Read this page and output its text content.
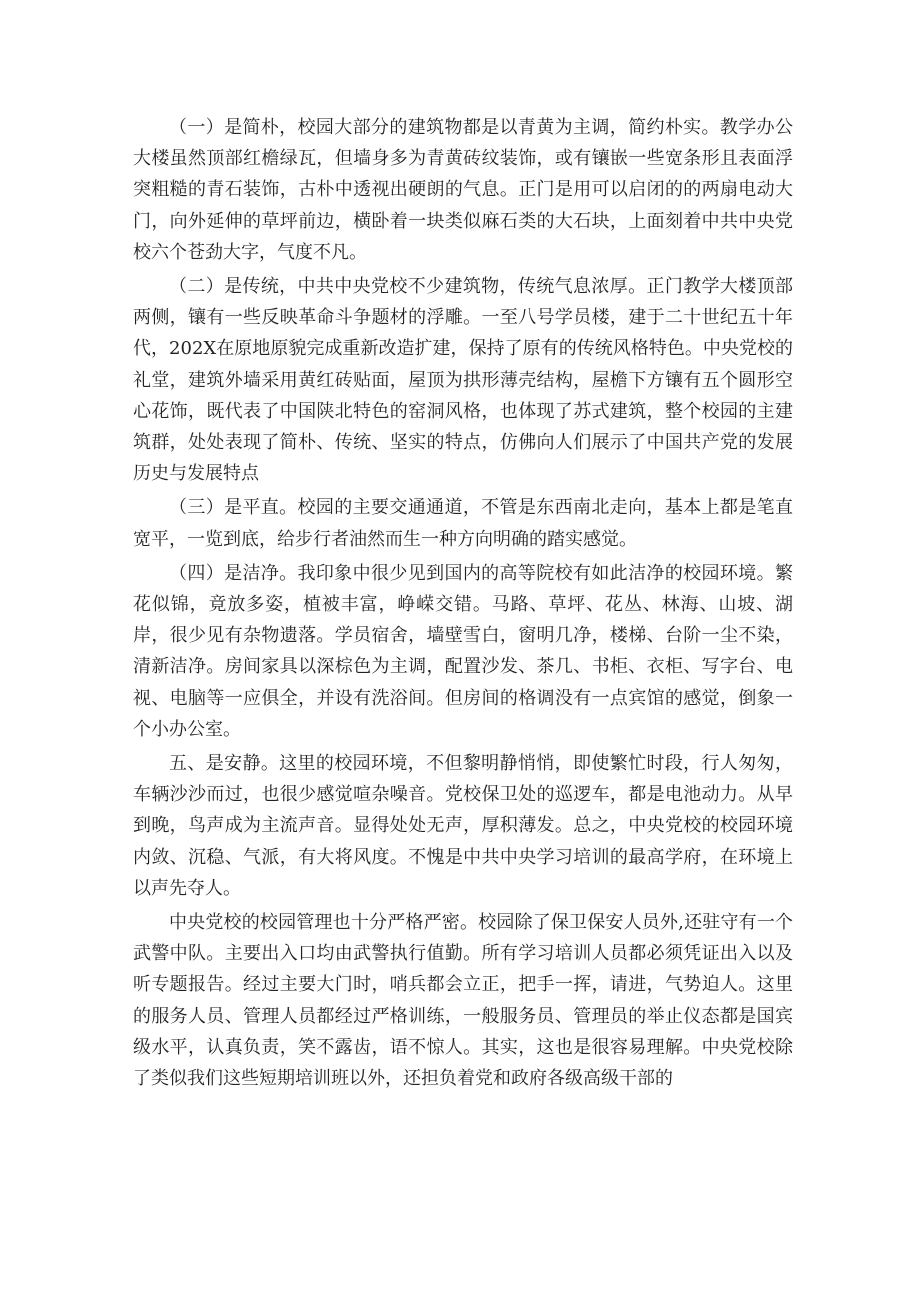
（一）是简朴，校园大部分的建筑物都是以青黄为主调，简约朴实。教学办公大楼虽然顶部红檐绿瓦，但墙身多为青黄砖纹装饰，或有镶嵌一些宽条形且表面浮突粗糙的青石装饰，古朴中透视出硬朗的气息。正门是用可以启闭的的两扇电动大门，向外延伸的草坪前边，横卧着一块类似麻石类的大石块，上面刻着中共中央党校六个苍劲大字，气度不凡。

（二）是传统，中共中央党校不少建筑物，传统气息浓厚。正门教学大楼顶部两侧，镶有一些反映革命斗争题材的浮雕。一至八号学员楼，建于二十世纪五十年代，202X在原地原貌完成重新改造扩建，保持了原有的传统风格特色。中央党校的礼堂，建筑外墙采用黄红砖贴面，屋顶为拱形薄壳结构，屋檐下方镶有五个圆形空心花饰，既代表了中国陕北特色的窑洞风格，也体现了苏式建筑，整个校园的主建筑群，处处表现了简朴、传统、坚实的特点，仿佛向人们展示了中国共产党的发展历史与发展特点

（三）是平直。校园的主要交通通道，不管是东西南北走向，基本上都是笔直宽平，一览到底，给步行者油然而生一种方向明确的踏实感觉。

（四）是洁净。我印象中很少见到国内的高等院校有如此洁净的校园环境。繁花似锦，竟放多姿，植被丰富，峥嵘交错。马路、草坪、花丛、林海、山坡、湖岸，很少见有杂物遗落。学员宿舍，墙壁雪白，窗明几净，楼梯、台阶一尘不染，清新洁净。房间家具以深棕色为主调，配置沙发、茶几、书柜、衣柜、写字台、电视、电脑等一应俱全，并设有洗浴间。但房间的格调没有一点宾馆的感觉，倒象一个小办公室。

五、是安静。这里的校园环境，不但黎明静悄悄，即使繁忙时段，行人匆匆，车辆沙沙而过，也很少感觉喧杂噪音。党校保卫处的巡逻车，都是电池动力。从早到晚，鸟声成为主流声音。显得处处无声，厚积薄发。总之，中央党校的校园环境内敛、沉稳、气派，有大将风度。不愧是中共中央学习培训的最高学府，在环境上以声先夺人。

中央党校的校园管理也十分严格严密。校园除了保卫保安人员外,还驻守有一个武警中队。主要出入口均由武警执行值勤。所有学习培训人员都必须凭证出入以及听专题报告。经过主要大门时，哨兵都会立正，把手一挥，请进，气势迫人。这里的服务人员、管理人员都经过严格训练，一般服务员、管理员的举止仪态都是国宾级水平，认真负责，笑不露齿，语不惊人。其实，这也是很容易理解。中央党校除了类似我们这些短期培训班以外，还担负着党和政府各级高级干部的
